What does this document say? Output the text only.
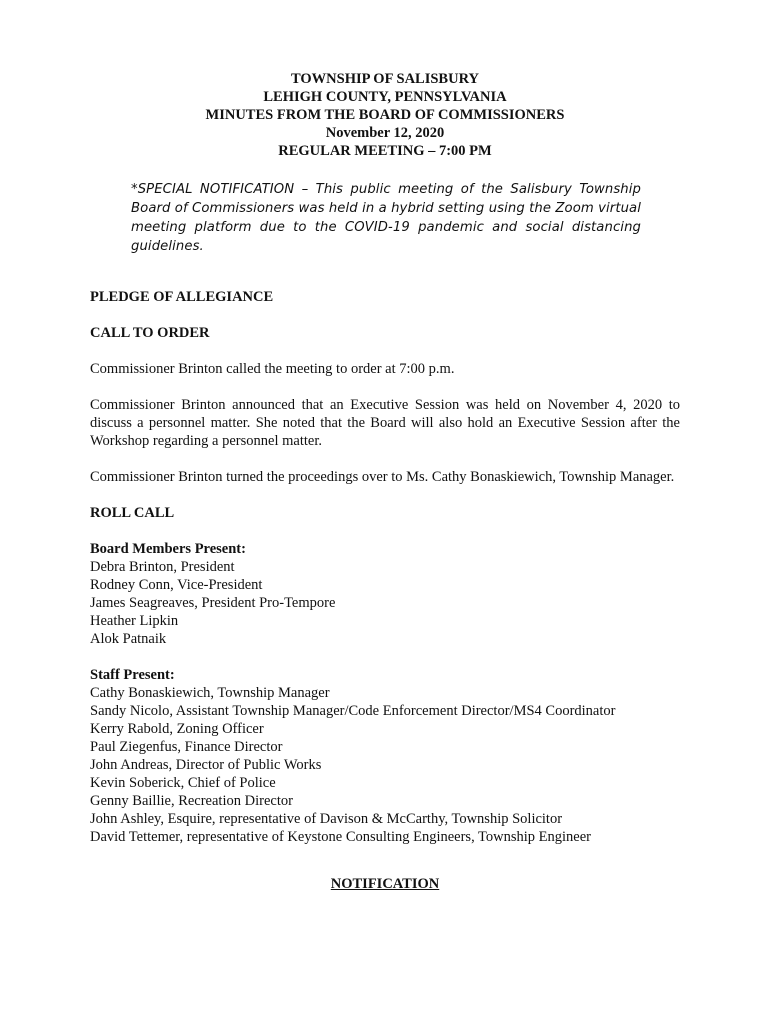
TOWNSHIP OF SALISBURY
LEHIGH COUNTY, PENNSYLVANIA
MINUTES FROM THE BOARD OF COMMISSIONERS
November 12, 2020
REGULAR MEETING – 7:00 PM
*SPECIAL NOTIFICATION – This public meeting of the Salisbury Township Board of Commissioners was held in a hybrid setting using the Zoom virtual meeting platform due to the COVID-19 pandemic and social distancing guidelines.

PLEDGE OF ALLEGIANCE

CALL TO ORDER

Commissioner Brinton called the meeting to order at 7:00 p.m.

Commissioner Brinton announced that an Executive Session was held on November 4, 2020 to discuss a personnel matter. She noted that the Board will also hold an Executive Session after the Workshop regarding a personnel matter.

Commissioner Brinton turned the proceedings over to Ms. Cathy Bonaskiewich, Township Manager.

ROLL CALL

Board Members Present:

Debra Brinton, President

Rodney Conn, Vice-President

James Seagreaves, President Pro-Tempore

Heather Lipkin

Alok Patnaik

Staff Present:

Cathy Bonaskiewich, Township Manager

Sandy Nicolo, Assistant Township Manager/Code Enforcement Director/MS4 Coordinator

Kerry Rabold, Zoning Officer

Paul Ziegenfus, Finance Director

John Andreas, Director of Public Works

Kevin Soberick, Chief of Police

Genny Baillie, Recreation Director

John Ashley, Esquire, representative of Davison & McCarthy, Township Solicitor

David Tettemer, representative of Keystone Consulting Engineers, Township Engineer

NOTIFICATION
